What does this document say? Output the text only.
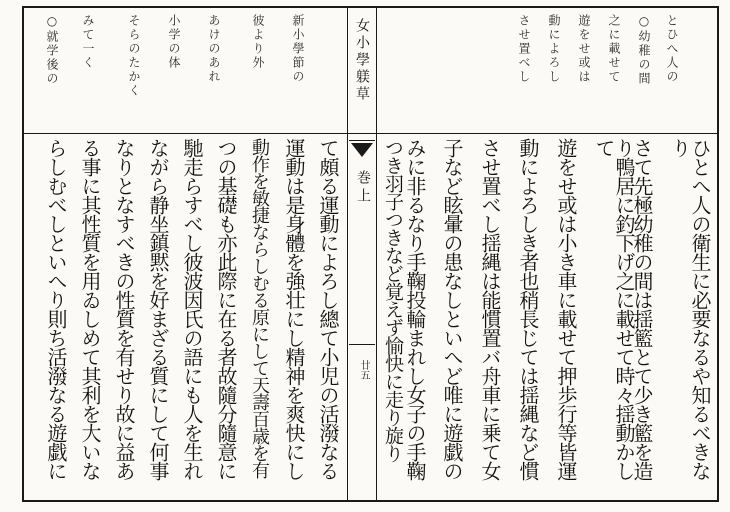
女小學躾草
巻上
廿五
とひへ人の
○幼稚の間
之に載せて
遊をせ或は
動によろし
させ置べし
○就学後の みて一く	そらのたかく 小学の体 あけのあれ	彼より外 新小學節の
ひとへ人の衛生に必要なるや知るべきなり
さて先極幼稚の間は揺籃とて少き籃を造
り鴨居に釣下げ之に載せて時々揺動かして
遊をせ或は小き車に載せて押歩行等皆運
動によろしき者也稍長じては揺縄など慣
させ置べし揺縄は能慣置バ舟車に乗て女
子など眩暈の患なしといへど唯に遊戯の
みに非るなり手鞠投輪まれし女子の手鞠
つき羽子つきなど覚えず愉快に走り旋り
て頗る運動によろし總て小児の活潑なる
運動は是身體を強壮にし精神を爽快にし
動作を敏捷ならしむる原にして天壽百歳を有
つの基礎も亦此際に在る者故隨分隨意に
馳走らすべし彼波因氏の語にも人を生れ
ながら静坐鎮黙を好まざる質にして何事
なりとなすべきの性質を有せり故に益あ
る事に其性質を用ゐしめて其利を大いな
らしむべしといへり則ち活潑なる遊戯に
